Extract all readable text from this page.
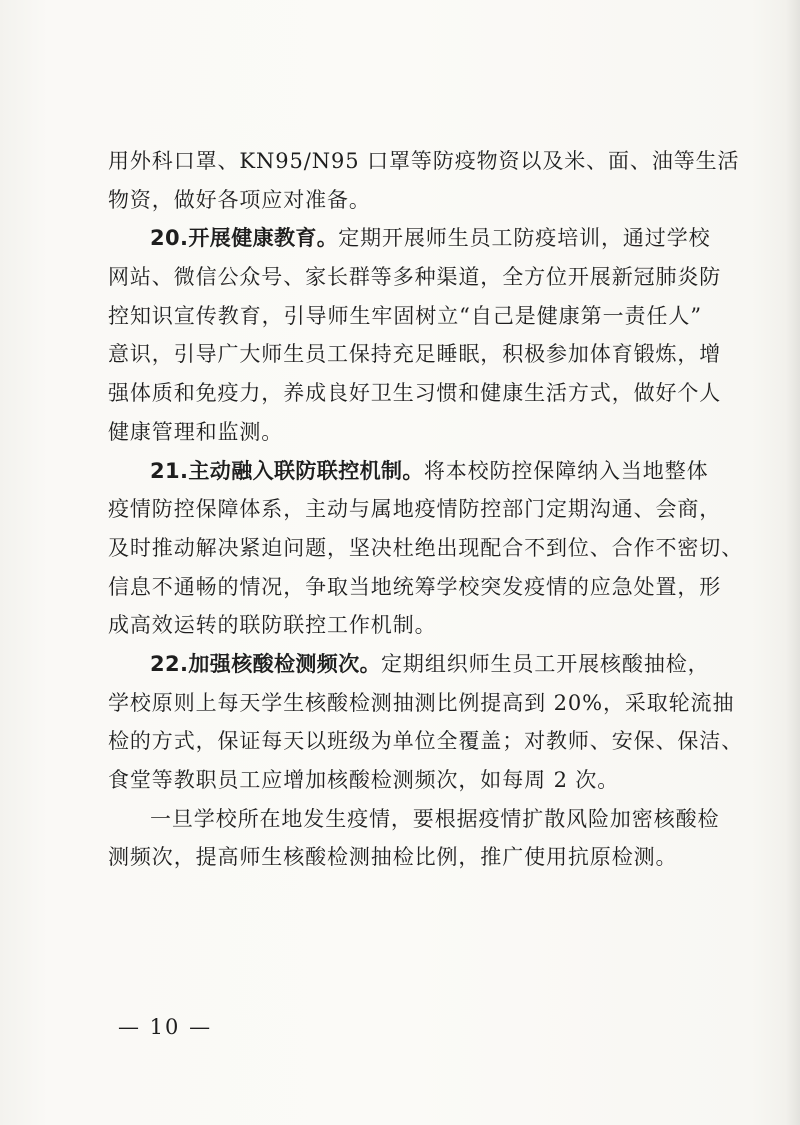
用外科口罩、KN95/N95 口罩等防疫物资以及米、面、油等生活
物资，做好各项应对准备。
20.开展健康教育。定期开展师生员工防疫培训，通过学校
网站、微信公众号、家长群等多种渠道，全方位开展新冠肺炎防
控知识宣传教育，引导师生牢固树立“自己是健康第一责任人”
意识，引导广大师生员工保持充足睡眠，积极参加体育锻炼，增
强体质和免疫力，养成良好卫生习惯和健康生活方式，做好个人
健康管理和监测。
21.主动融入联防联控机制。将本校防控保障纳入当地整体
疫情防控保障体系，主动与属地疫情防控部门定期沟通、会商，
及时推动解决紧迫问题，坚决杜绝出现配合不到位、合作不密切、
信息不通畅的情况，争取当地统筹学校突发疫情的应急处置，形
成高效运转的联防联控工作机制。
22.加强核酸检测频次。定期组织师生员工开展核酸抽检，
学校原则上每天学生核酸检测抽测比例提高到 20%，采取轮流抽
检的方式，保证每天以班级为单位全覆盖；对教师、安保、保洁、
食堂等教职员工应增加核酸检测频次，如每周 2 次。
一旦学校所在地发生疫情，要根据疫情扩散风险加密核酸检
测频次，提高师生核酸检测抽检比例，推广使用抗原检测。
— 10 —
